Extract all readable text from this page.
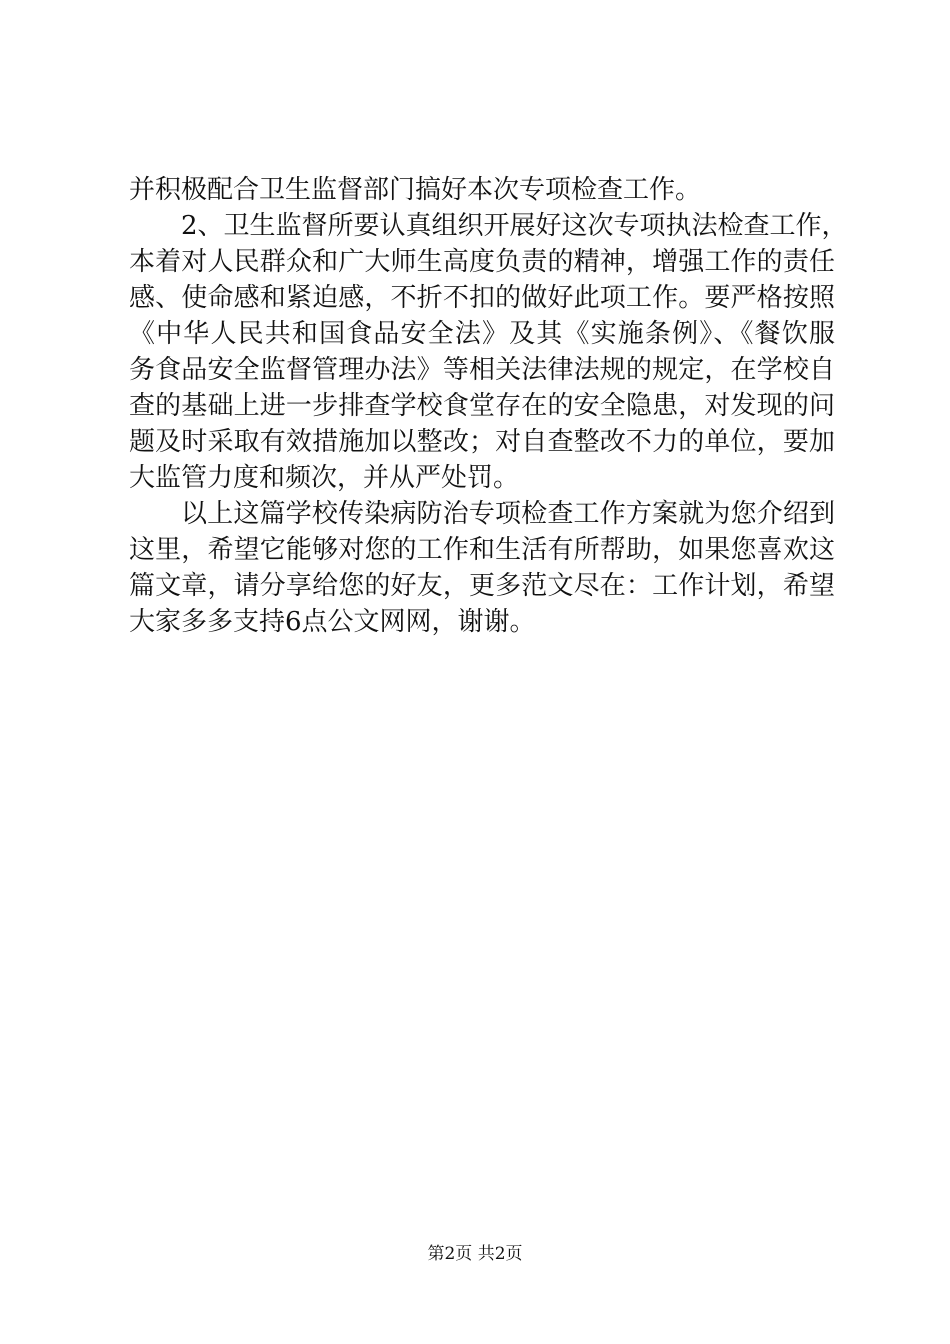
并积极配合卫生监督部门搞好本次专项检查工作。
2、卫生监督所要认真组织开展好这次专项执法检查工作，
本着对人民群众和广大师生高度负责的精神，增强工作的责任
感、使命感和紧迫感，不折不扣的做好此项工作。要严格按照
《中华人民共和国食品安全法》及其《实施条例》、《餐饮服
务食品安全监督管理办法》等相关法律法规的规定，在学校自
查的基础上进一步排查学校食堂存在的安全隐患，对发现的问
题及时采取有效措施加以整改；对自查整改不力的单位，要加
大监管力度和频次，并从严处罚。
以上这篇学校传染病防治专项检查工作方案就为您介绍到
这里，希望它能够对您的工作和生活有所帮助，如果您喜欢这
篇文章，请分享给您的好友，更多范文尽在：工作计划，希望
大家多多支持6点公文网网，谢谢。
第2页 共2页
